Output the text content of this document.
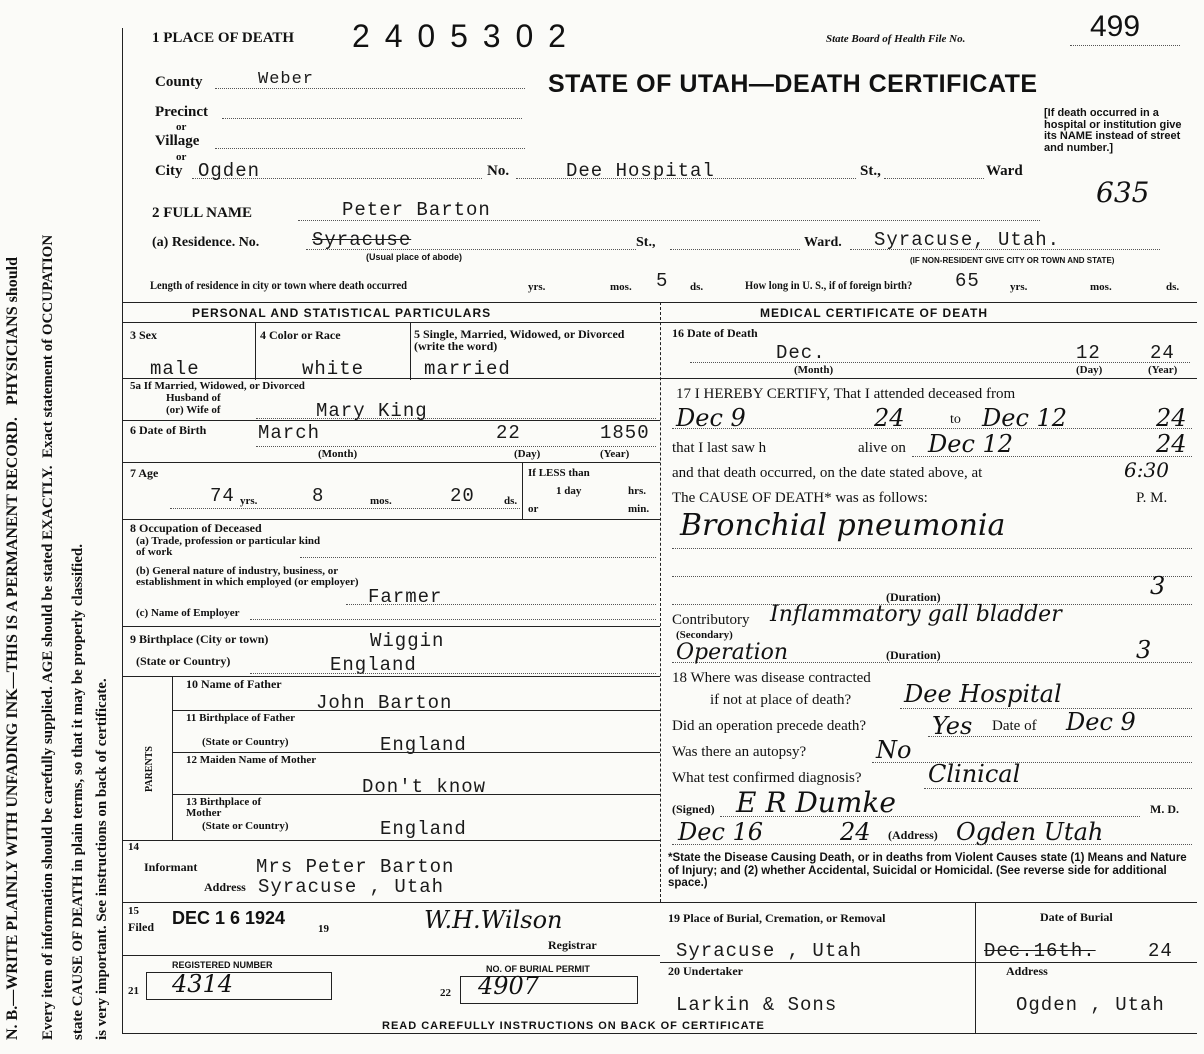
N. B.—WRITE PLAINLY WITH UNFADING INK—THIS IS A PERMANENT RECORD.   PHYSICIANS should
Every item of information should be carefully supplied. AGE should be stated EXACTLY.  Exact statement of OCCUPATION
state CAUSE OF DEATH in plain terms, so that it may be properly classified. is very important. See instructions on back of certificate.
1 PLACE OF DEATH 2 4 0 5 3 0 2	State Board of Health File No.	499
STATE OF UTAH—DEATH CERTIFICATE
[If death occurred in a hospital or institution give its NAME instead of street and number.]
635
County	Weber
Precinct
or
Village
or
City Ogden	No.	Dee Hospital	St.,	Ward
2 FULL NAME	Peter Barton
(a) Residence. No.	Syracuse	St.,	Ward. Syracuse, Utah.
(Usual place of abode)	(IF NON-RESIDENT GIVE CITY OR TOWN AND STATE)
Length of residence in city or town where death occurred	yrs.	mos. 5 ds.	How long in U. S., if of foreign birth? 65	yrs.	mos.	ds.
PERSONAL AND STATISTICAL PARTICULARS	MEDICAL CERTIFICATE OF DEATH
3 Sex	4 Color or Race	5 Single, Married, Widowed, or Divorced (write the word)
male	white	married
5a If Married, Widowed, or Divorced
Husband of
(or) Wife of	Mary King
6 Date of Birth	March	22	1850
(Month)	(Day)	(Year)
7 Age
74 yrs.	8	mos.	20	ds.
If LESS than
1 day	hrs.
or	min.
8 Occupation of Deceased
(a) Trade, profession or particular kind of work
(b) General nature of industry, business, or establishment in which employed (or employer)
Farmer
(c) Name of Employer
9 Birthplace (City or town)	Wiggin
(State or Country)	England
PARENTS
10 Name of Father
John Barton
11 Birthplace of Father
(State or Country)	England
12 Maiden Name of Mother
Don't know
13 Birthplace of Mother
(State or Country)	England
14
Informant	Mrs Peter Barton
Address Syracuse , Utah
15
Filed DEC 1 6 1924
19	W.H.Wilson
Registrar
REGISTERED NUMBER
21 4314
NO. OF BURIAL PERMIT
22 4907
16 Date of Death
Dec.	12	24
(Month)	(Day)	(Year)
17 I HEREBY CERTIFY, That I attended deceased from
Dec 9	24	to Dec 12	24
that I last saw h	alive on Dec 12	24
and that death occurred, on the date stated above, at	6:30
The CAUSE OF DEATH* was as follows:	P. M.
Bronchial pneumonia
(Duration)	3
Contributory
(Secondary)
Inflammatory gall bladder
Operation	(Duration)	3
18 Where was disease contracted
if not at place of death? Dee Hospital
Did an operation precede death?	Yes Date of Dec 9
Was there an autopsy?	No
What test confirmed diagnosis?	Clinical
(Signed) E R Dumke	M. D.
Dec 16	24 (Address) Ogden Utah
*State the Disease Causing Death, or in deaths from Violent Causes state (1) Means and Nature of Injury; and (2) whether Accidental, Suicidal or Homicidal. (See reverse side for additional space.)
19 Place of Burial, Cremation, or Removal
Syracuse , Utah
Date of Burial
Dec.16th.	24
20 Undertaker
Larkin & Sons
Address
Ogden , Utah
READ CAREFULLY INSTRUCTIONS ON BACK OF CERTIFICATE
